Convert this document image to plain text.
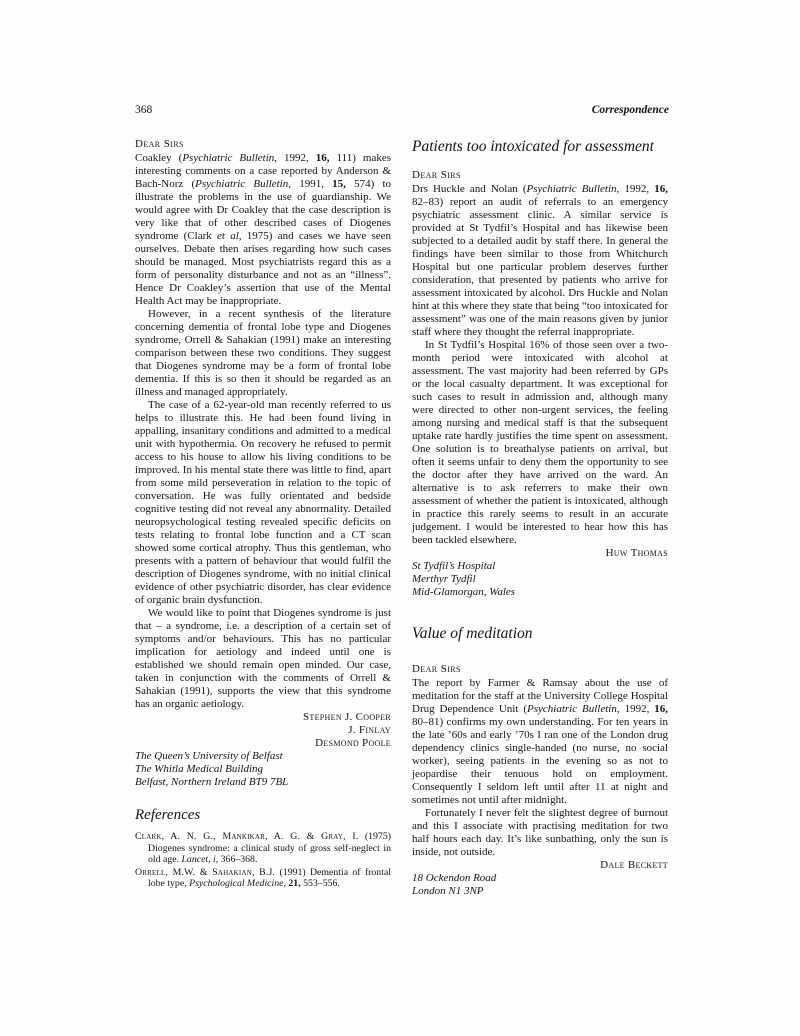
368	Correspondence
Dear Sirs

Coakley (Psychiatric Bulletin, 1992, 16, 111) makes interesting comments on a case reported by Anderson & Bach-Norz (Psychiatric Bulletin, 1991, 15, 574) to illustrate the problems in the use of guardianship. We would agree with Dr Coakley that the case description is very like that of other described cases of Diogenes syndrome (Clark et al, 1975) and cases we have seen ourselves. Debate then arises regarding how such cases should be managed. Most psychiatrists regard this as a form of personality disturbance and not as an “illness”. Hence Dr Coakley’s assertion that use of the Mental Health Act may be inappropriate.

However, in a recent synthesis of the literature concerning dementia of frontal lobe type and Diogenes syndrome, Orrell & Sahakian (1991) make an interesting comparison between these two conditions. They suggest that Diogenes syndrome may be a form of frontal lobe dementia. If this is so then it should be regarded as an illness and managed appropriately.

The case of a 62-year-old man recently referred to us helps to illustrate this. He had been found living in appalling, insanitary conditions and admitted to a medical unit with hypothermia. On recovery he refused to permit access to his house to allow his living conditions to be improved. In his mental state there was little to find, apart from some mild perseveration in relation to the topic of conversation. He was fully orientated and bedside cognitive testing did not reveal any abnormality. Detailed neuropsychological testing revealed specific deficits on tests relating to frontal lobe function and a CT scan showed some cortical atrophy. Thus this gentleman, who presents with a pattern of behaviour that would fulfil the description of Diogenes syndrome, with no initial clinical evidence of other psychiatric disorder, has clear evidence of organic brain dysfunction.

We would like to point that Diogenes syndrome is just that – a syndrome, i.e. a description of a certain set of symptoms and/or behaviours. This has no particular implication for aetiology and indeed until one is established we should remain open minded. Our case, taken in conjunction with the comments of Orrell & Sahakian (1991), supports the view that this syndrome has an organic aetiology.

Stephen J. Cooper
J. Finlay
Desmond Poole
The Queen’s University of Belfast
The Whitla Medical Building
Belfast, Northern Ireland BT9 7BL
References
Clark, A. N. G., Mankikar, A. G. & Gray, I. (1975) Diogenes syndrome: a clinical study of gross self-neglect in old age. Lancet, i, 366–368.
Orrell, M.W. & Sahakian, B.J. (1991) Dementia of frontal lobe type, Psychological Medicine, 21, 553–556.
Patients too intoxicated for assessment
Dear Sirs

Drs Huckle and Nolan (Psychiatric Bulletin, 1992, 16, 82–83) report an audit of referrals to an emergency psychiatric assessment clinic. A similar service is provided at St Tydfil’s Hospital and has likewise been subjected to a detailed audit by staff there. In general the findings have been similar to those from Whitchurch Hospital but one particular problem deserves further consideration, that presented by patients who arrive for assessment intoxicated by alcohol. Drs Huckle and Nolan hint at this where they state that being “too intoxicated for assessment” was one of the main reasons given by junior staff where they thought the referral inappropriate.

In St Tydfil’s Hospital 16% of those seen over a two-month period were intoxicated with alcohol at assessment. The vast majority had been referred by GPs or the local casualty department. It was exceptional for such cases to result in admission and, although many were directed to other non-urgent services, the feeling among nursing and medical staff is that the subsequent uptake rate hardly justifies the time spent on assessment. One solution is to breathalyse patients on arrival, but often it seems unfair to deny them the opportunity to see the doctor after they have arrived on the ward. An alternative is to ask referrers to make their own assessment of whether the patient is intoxicated, although in practice this rarely seems to result in an accurate judgement. I would be interested to hear how this has been tackled elsewhere.

Huw Thomas
St Tydfil’s Hospital
Merthyr Tydfil
Mid-Glamorgan, Wales
Value of meditation
Dear Sirs

The report by Farmer & Ramsay about the use of meditation for the staff at the University College Hospital Drug Dependence Unit (Psychiatric Bulletin, 1992, 16, 80–81) confirms my own understanding. For ten years in the late ’60s and early ’70s I ran one of the London drug dependency clinics single-handed (no nurse, no social worker), seeing patients in the evening so as not to jeopardise their tenuous hold on employment. Consequently I seldom left until after 11 at night and sometimes not until after midnight.

Fortunately I never felt the slightest degree of burnout and this I associate with practising meditation for two half hours each day. It’s like sunbathing, only the sun is inside, not outside.

Dale Beckett
18 Ockendon Road
London N1 3NP
